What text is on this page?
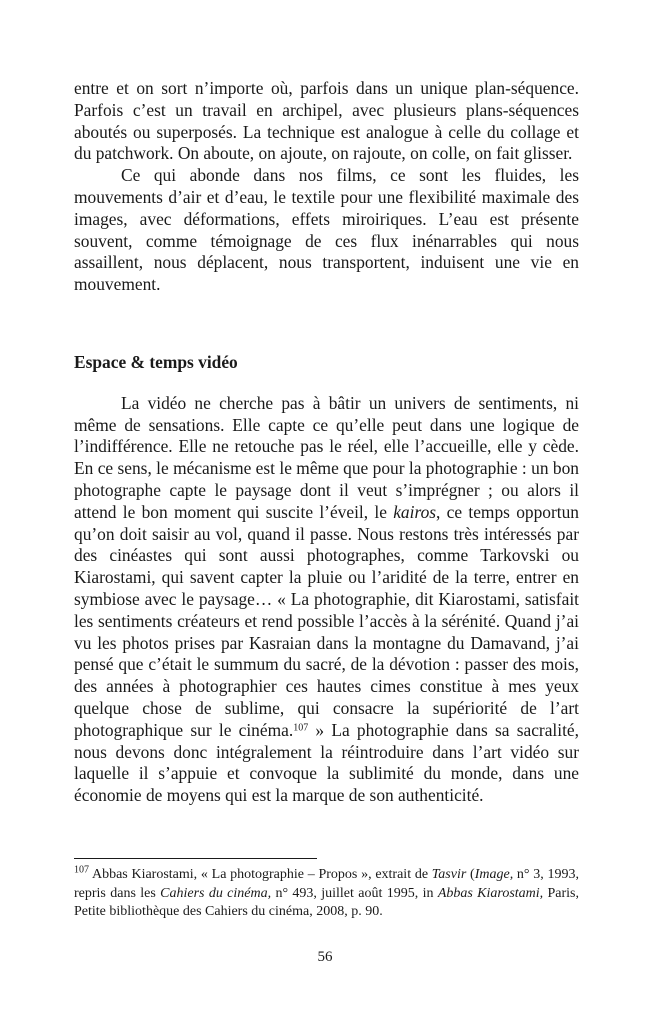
entre et on sort n’importe où, parfois dans un unique plan-séquence. Parfois c’est un travail en archipel, avec plusieurs plans-séquences aboutés ou superposés. La technique est analogue à celle du collage et du patchwork. On aboute, on ajoute, on rajoute, on colle, on fait glisser.

Ce qui abonde dans nos films, ce sont les fluides, les mouvements d’air et d’eau, le textile pour une flexibilité maximale des images, avec déformations, effets miroiriques. L’eau est présente souvent, comme témoignage de ces flux inénarrables qui nous assaillent, nous déplacent, nous transportent, induisent une vie en mouvement.

Espace & temps vidéo

La vidéo ne cherche pas à bâtir un univers de sentiments, ni même de sensations. Elle capte ce qu’elle peut dans une logique de l’indifférence. Elle ne retouche pas le réel, elle l’accueille, elle y cède. En ce sens, le mécanisme est le même que pour la photographie : un bon photographe capte le paysage dont il veut s’imprégner ; ou alors il attend le bon moment qui suscite l’éveil, le kairos, ce temps opportun qu’on doit saisir au vol, quand il passe. Nous restons très intéressés par des cinéastes qui sont aussi photographes, comme Tarkovski ou Kiarostami, qui savent capter la pluie ou l’aridité de la terre, entrer en symbiose avec le paysage… « La photographie, dit Kiarostami, satisfait les sentiments créateurs et rend possible l’accès à la sérénité. Quand j’ai vu les photos prises par Kasraian dans la montagne du Damavand, j’ai pensé que c’était le summum du sacré, de la dévotion : passer des mois, des années à photographier ces hautes cimes constitue à mes yeux quelque chose de sublime, qui consacre la supériorité de l’art photographique sur le cinéma.$^{107}$ » La photographie dans sa sacralité, nous devons donc intégralement la réintroduire dans l’art vidéo sur laquelle il s’appuie et convoque la sublimité du monde, dans une économie de moyens qui est la marque de son authenticité.

$^{107}$ Abbas Kiarostami, « La photographie – Propos », extrait de Tasvir (Image, n° 3, 1993, repris dans les Cahiers du cinéma, n° 493, juillet août 1995, in Abbas Kiarostami, Paris, Petite bibliothèque des Cahiers du cinéma, 2008, p. 90.

56
